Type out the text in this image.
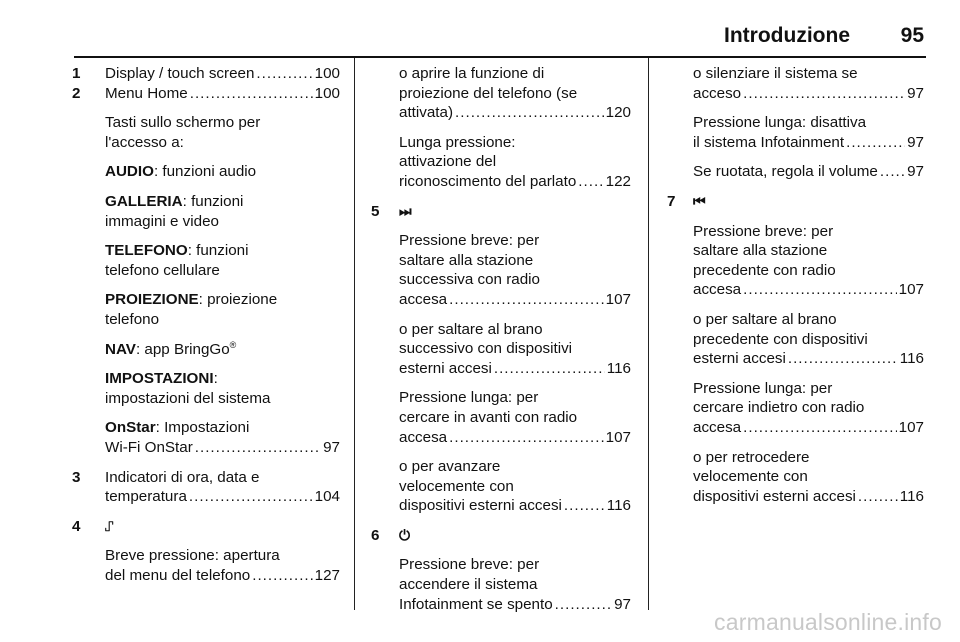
Introduzione 95
1 Display / touch screen .....	100
2 Menu Home .....	100
Tasti sullo schermo per
l'accesso a:
AUDIO: funzioni audio
GALLERIA: funzioni
immagini e video
TELEFONO: funzioni
telefono cellulare
PROIEZIONE: proiezione
telefono
NAV: app BringGo®
IMPOSTAZIONI:
impostazioni del sistema
OnStar: Impostazioni
Wi-Fi OnStar .....	97
3 Indicatori di ora, data e
temperatura .....	104
4 ⑀
Breve pressione: apertura
del menu del telefono .....	127
o aprire la funzione di
proiezione del telefono (se
attivata) .....	120
Lunga pressione:
attivazione del
riconoscimento del parlato ..... 122
5 ⏭
Pressione breve: per
saltare alla stazione
successiva con radio
accesa .....	107
o per saltare al brano
successivo con dispositivi
esterni accesi .....	116
Pressione lunga: per
cercare in avanti con radio
accesa .....	107
o per avanzare
velocemente con
dispositivi esterni accesi .....	116
6 ⏻
Pressione breve: per
accendere il sistema
Infotainment se spento .....	97
o silenziare il sistema se
acceso .....	97
Pressione lunga: disattiva
il sistema Infotainment .....	97
Se ruotata, regola il volume ..... 97
7 ⏮
Pressione breve: per
saltare alla stazione
precedente con radio
accesa .....	107
o per saltare al brano
precedente con dispositivi
esterni accesi .....	116
Pressione lunga: per
cercare indietro con radio
accesa .....	107
o per retrocedere
velocemente con
dispositivi esterni accesi .....	116
carmanualsonline.info
